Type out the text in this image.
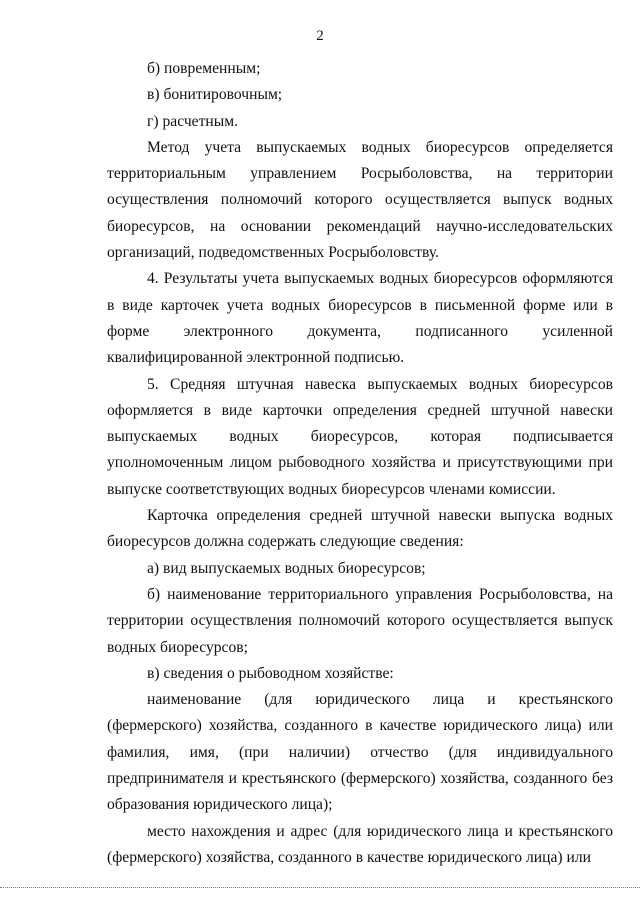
2

б) повременным;

в) бонитировочным;

г) расчетным.

Метод учета выпускаемых водных биоресурсов определяется территориальным управлением Росрыболовства, на территории осуществления полномочий которого осуществляется выпуск водных биоресурсов, на основании рекомендаций научно-исследовательских организаций, подведомственных Росрыболовству.

4. Результаты учета выпускаемых водных биоресурсов оформляются в виде карточек учета водных биоресурсов в письменной форме или в форме электронного документа, подписанного усиленной квалифицированной электронной подписью.

5. Средняя штучная навеска выпускаемых водных биоресурсов оформляется в виде карточки определения средней штучной навески выпускаемых водных биоресурсов, которая подписывается уполномоченным лицом рыбоводного хозяйства и присутствующими при выпуске соответствующих водных биоресурсов членами комиссии.

Карточка определения средней штучной навески выпуска водных биоресурсов должна содержать следующие сведения:

а) вид выпускаемых водных биоресурсов;

б) наименование территориального управления Росрыболовства, на территории осуществления полномочий которого осуществляется выпуск водных биоресурсов;

в) сведения о рыбоводном хозяйстве:

наименование (для юридического лица и крестьянского (фермерского) хозяйства, созданного в качестве юридического лица) или фамилия, имя, (при наличии) отчество (для индивидуального предпринимателя и крестьянского (фермерского) хозяйства, созданного без образования юридического лица);

место нахождения и адрес (для юридического лица и крестьянского (фермерского) хозяйства, созданного в качестве юридического лица) или
